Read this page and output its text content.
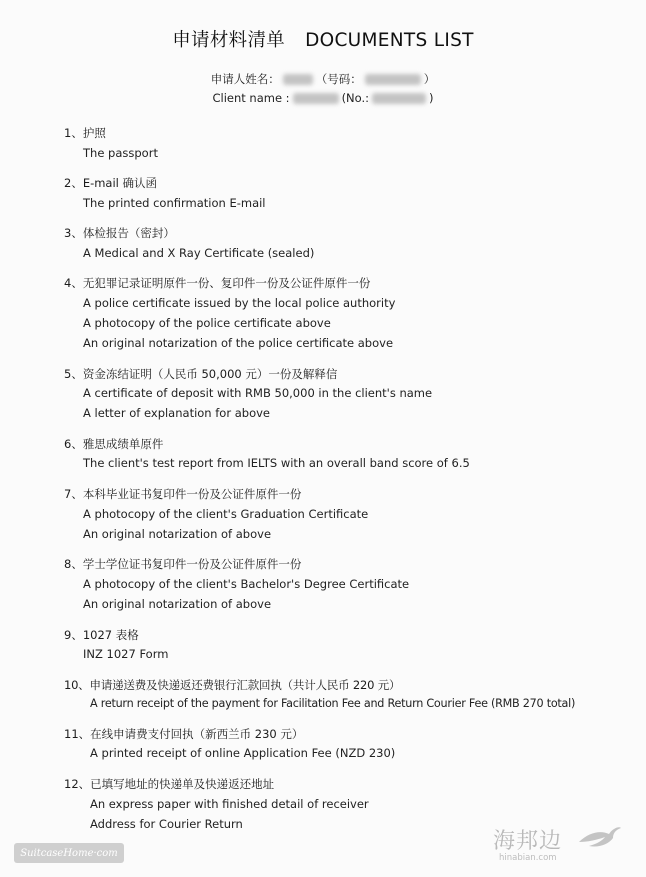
申请材料清单 DOCUMENTS LIST
申请人姓名：	（号码：	）
Client name :	(No.:	)
1、护照
The passport
2、E-mail 确认函
The printed confirmation E-mail
3、体检报告（密封）
A Medical and X Ray Certificate (sealed)
4、无犯罪记录证明原件一份、复印件一份及公证件原件一份
A police certificate issued by the local police authority
A photocopy of the police certificate above
An original notarization of the police certificate above
5、资金冻结证明（人民币 50,000 元）一份及解释信
A certificate of deposit with RMB 50,000 in the client's name
A letter of explanation for above
6、雅思成绩单原件
The client's test report from IELTS with an overall band score of 6.5
7、本科毕业证书复印件一份及公证件原件一份
A photocopy of the client's Graduation Certificate
An original notarization of above
8、学士学位证书复印件一份及公证件原件一份
A photocopy of the client's Bachelor's Degree Certificate
An original notarization of above
9、1027 表格
INZ 1027 Form
10、申请递送费及快递返还费银行汇款回执（共计人民币 220 元）
A return receipt of the payment for Facilitation Fee and Return Courier Fee (RMB 270 total)
11、在线申请费支付回执（新西兰币 230 元）
A printed receipt of online Application Fee (NZD 230)
12、已填写地址的快递单及快递返还地址
An express paper with finished detail of receiver
Address for Courier Return
SuitcaseHome·com	海邦边
hinabian.com
